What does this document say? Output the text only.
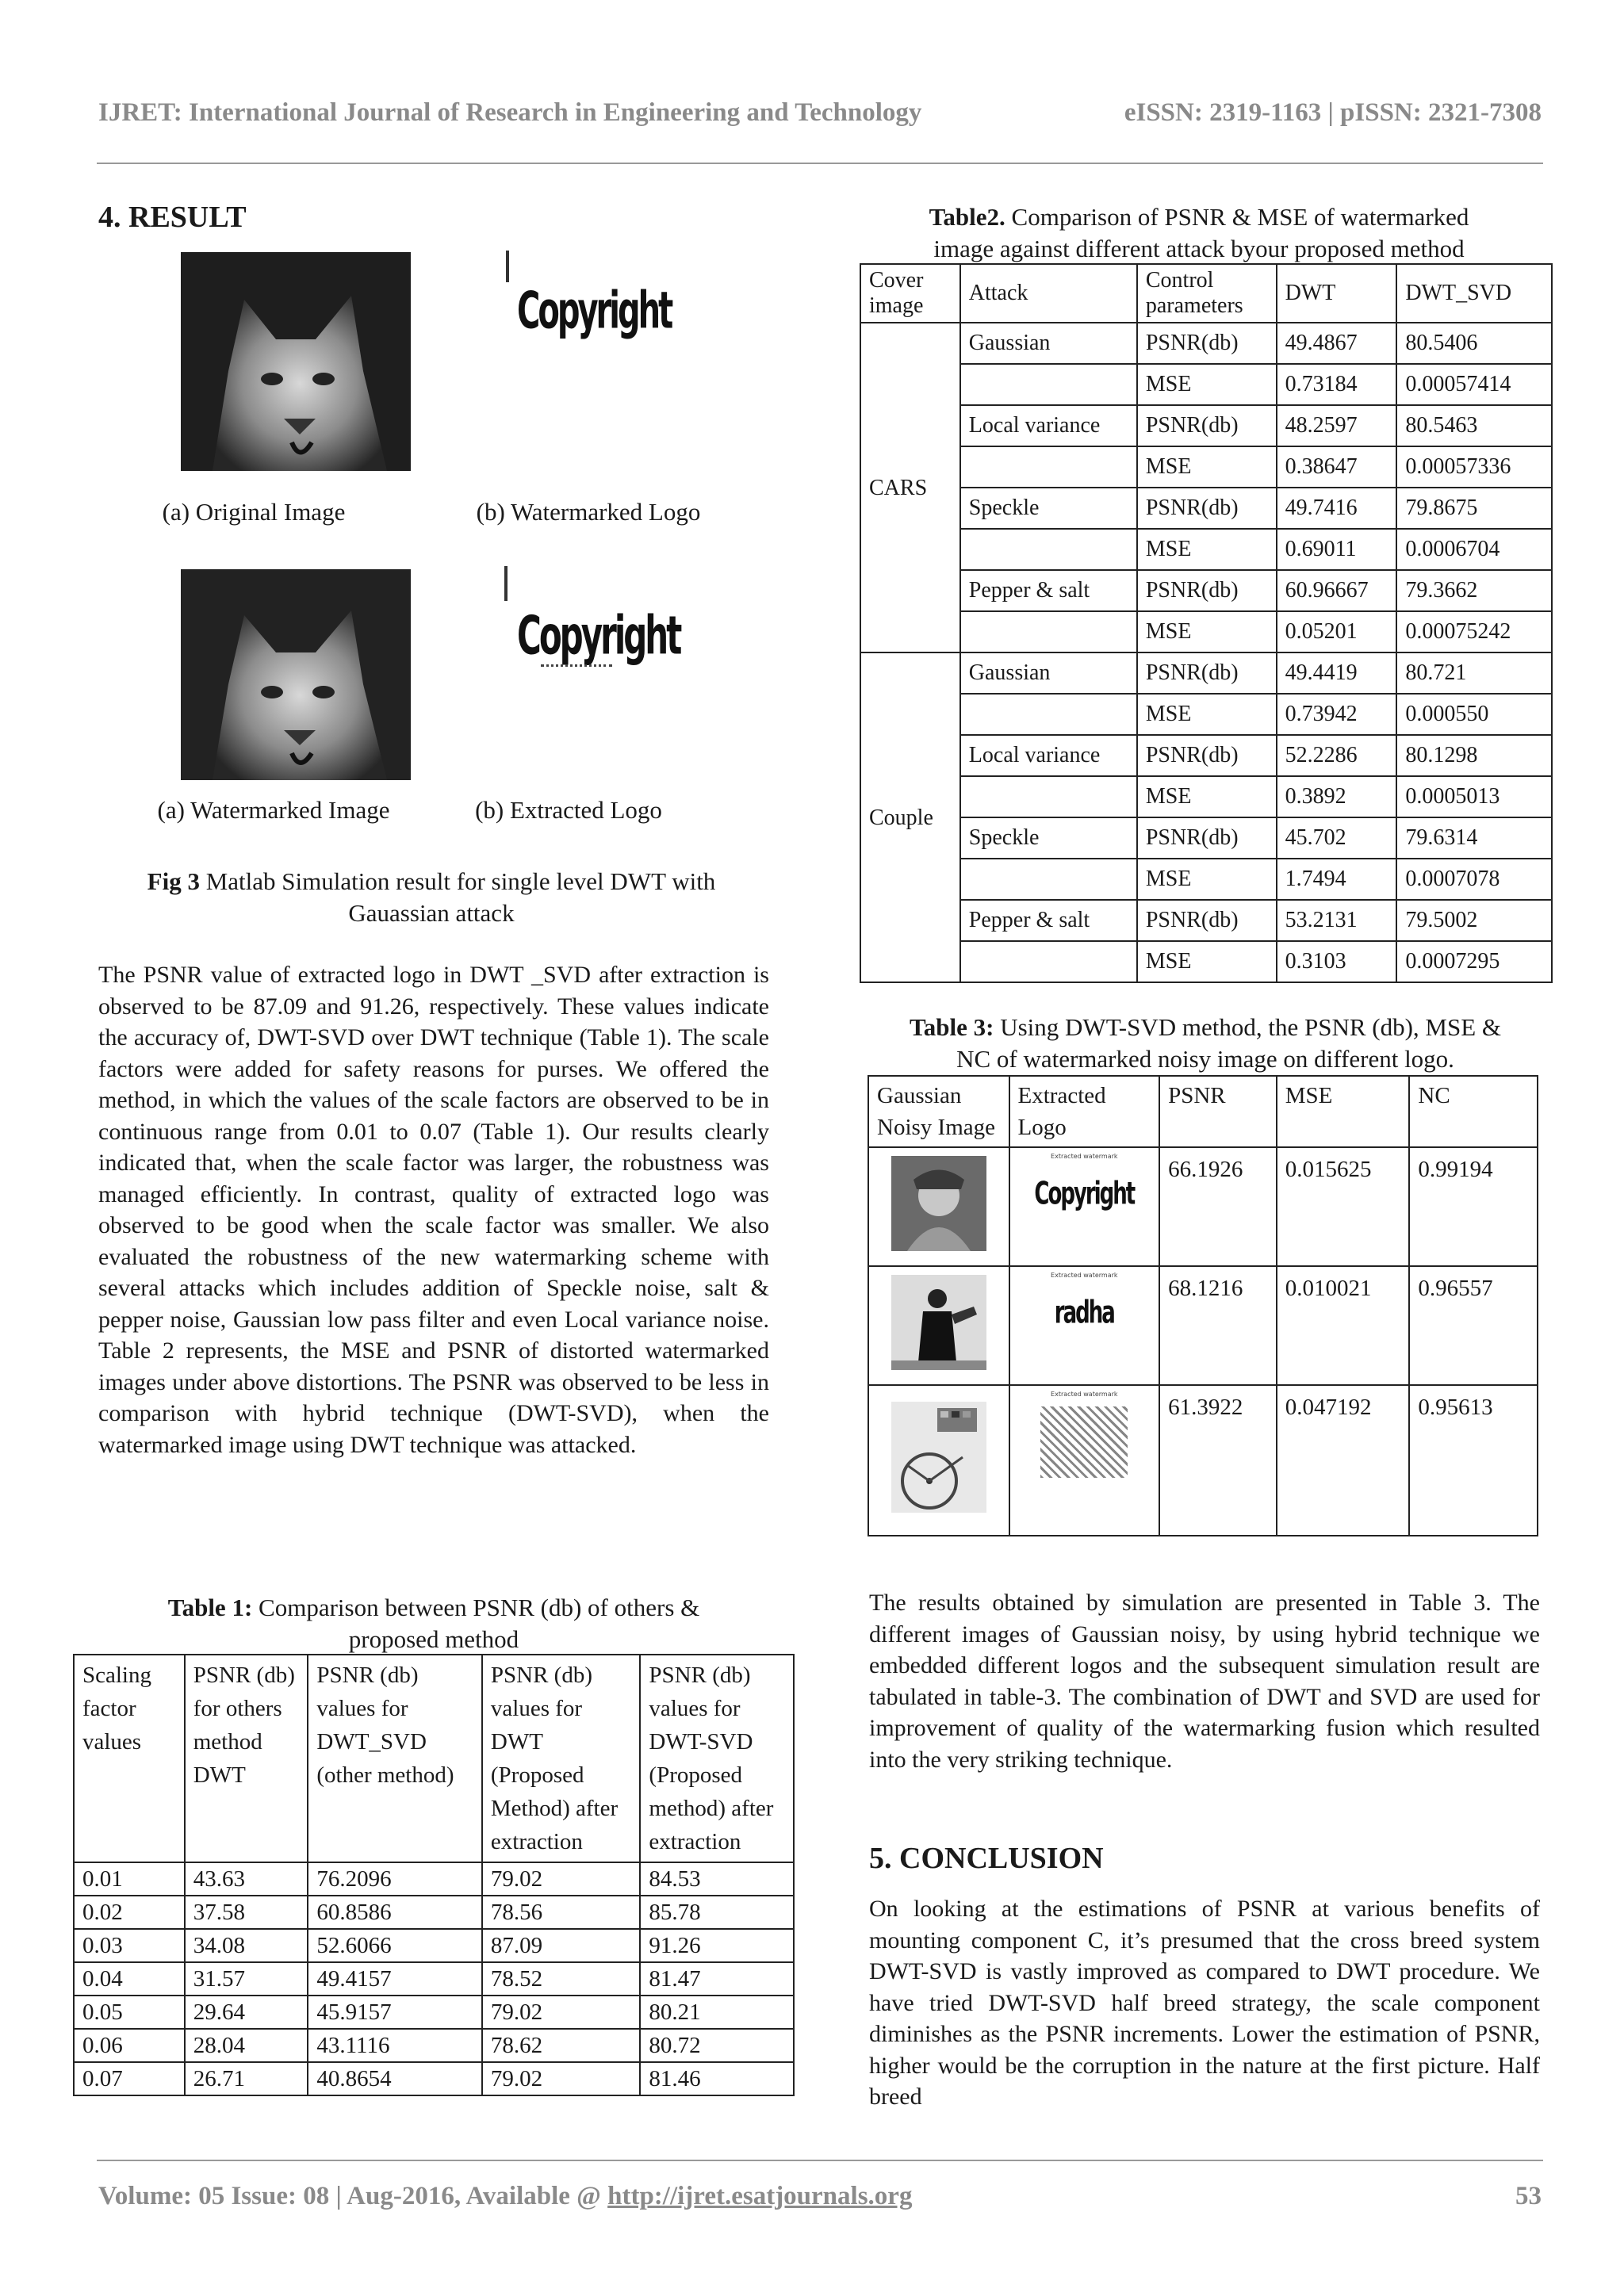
IJRET: International Journal of Research in Engineering and Technology	eISSN: 2319-1163 | pISSN: 2321-7308
4. RESULT
Copyright
(a) Original Image	(b) Watermarked Logo
Copyright
(a) Watermarked Image	(b) Extracted Logo
Fig 3 Matlab Simulation result for single level DWT with
Gauassian attack

The PSNR value of extracted logo in DWT _SVD after extraction is observed to be 87.09 and 91.26, respectively. These values indicate the accuracy of, DWT-SVD over DWT technique (Table 1). The scale factors were added for safety reasons for purses. We offered the method, in which the values of the scale factors are observed to be in continuous range from 0.01 to 0.07 (Table 1). Our results clearly indicated that, when the scale factor was larger, the robustness was managed efficiently. In contrast, quality of extracted logo was observed to be good when the scale factor was smaller. We also evaluated the robustness of the new watermarking scheme with several attacks which includes addition of Speckle noise, salt & pepper noise, Gaussian low pass filter and even Local variance noise. Table 2 represents, the MSE and PSNR of distorted watermarked images under above distortions. The PSNR was observed to be less in comparison with hybrid technique (DWT-SVD), when the watermarked image using DWT technique was attacked.

Table 1: Comparison between PSNR (db) of others &
proposed method
Scaling factor values	PSNR (db) for others method DWT	PSNR (db) values for DWT_SVD (other method)	PSNR (db) values for DWT (Proposed Method) after extraction	PSNR (db) values for DWT-SVD (Proposed method) after extraction
0.01	43.63	76.2096	79.02	84.53
0.02	37.58	60.8586	78.56	85.78
0.03	34.08	52.6066	87.09	91.26
0.04	31.57	49.4157	78.52	81.47
0.05	29.64	45.9157	79.02	80.21
0.06	28.04	43.1116	78.62	80.72
0.07	26.71	40.8654	79.02	81.46
Table2. Comparison of PSNR & MSE of watermarked
image against different attack byour proposed method
Cover image	Attack	Control parameters	DWT	DWT_SVD
CARS	Gaussian	PSNR(db)	49.4867	80.5406
		MSE	0.73184	0.00057414
	Local variance	PSNR(db)	48.2597	80.5463
		MSE	0.38647	0.00057336
	Speckle	PSNR(db)	49.7416	79.8675
		MSE	0.69011	0.0006704
	Pepper & salt	PSNR(db)	60.96667	79.3662
		MSE	0.05201	0.00075242
Couple	Gaussian	PSNR(db)	49.4419	80.721
		MSE	0.73942	0.000550
	Local variance	PSNR(db)	52.2286	80.1298
		MSE	0.3892	0.0005013
	Speckle	PSNR(db)	45.702	79.6314
		MSE	1.7494	0.0007078
	Pepper & salt	PSNR(db)	53.2131	79.5002
		MSE	0.3103	0.0007295
Table 3: Using DWT-SVD method, the PSNR (db), MSE &
NC of watermarked noisy image on different logo.
Gaussian Noisy Image	Extracted Logo	PSNR	MSE	NC

Extracted watermark
Copyright	66.1926	0.015625	0.99194

Extracted watermark
radha	68.1216	0.010021	0.96557

Extracted watermark	61.3922	0.047192	0.95613

The results obtained by simulation are presented in Table 3. The different images of Gaussian noisy, by using hybrid technique we embedded different logos and the subsequent simulation result are tabulated in table-3. The combination of DWT and SVD are used for improvement of quality of the watermarking fusion which resulted into the very striking technique.

5. CONCLUSION

On looking at the estimations of PSNR at various benefits of mounting component C, it’s presumed that the cross breed system DWT-SVD is vastly improved as compared to DWT procedure. We have tried DWT-SVD half breed strategy, the scale component diminishes as the PSNR increments. Lower the estimation of PSNR, higher would be the corruption in the nature at the first picture. Half breed

Volume: 05 Issue: 08 | Aug-2016, Available @ http://ijret.esatjournals.org	53
